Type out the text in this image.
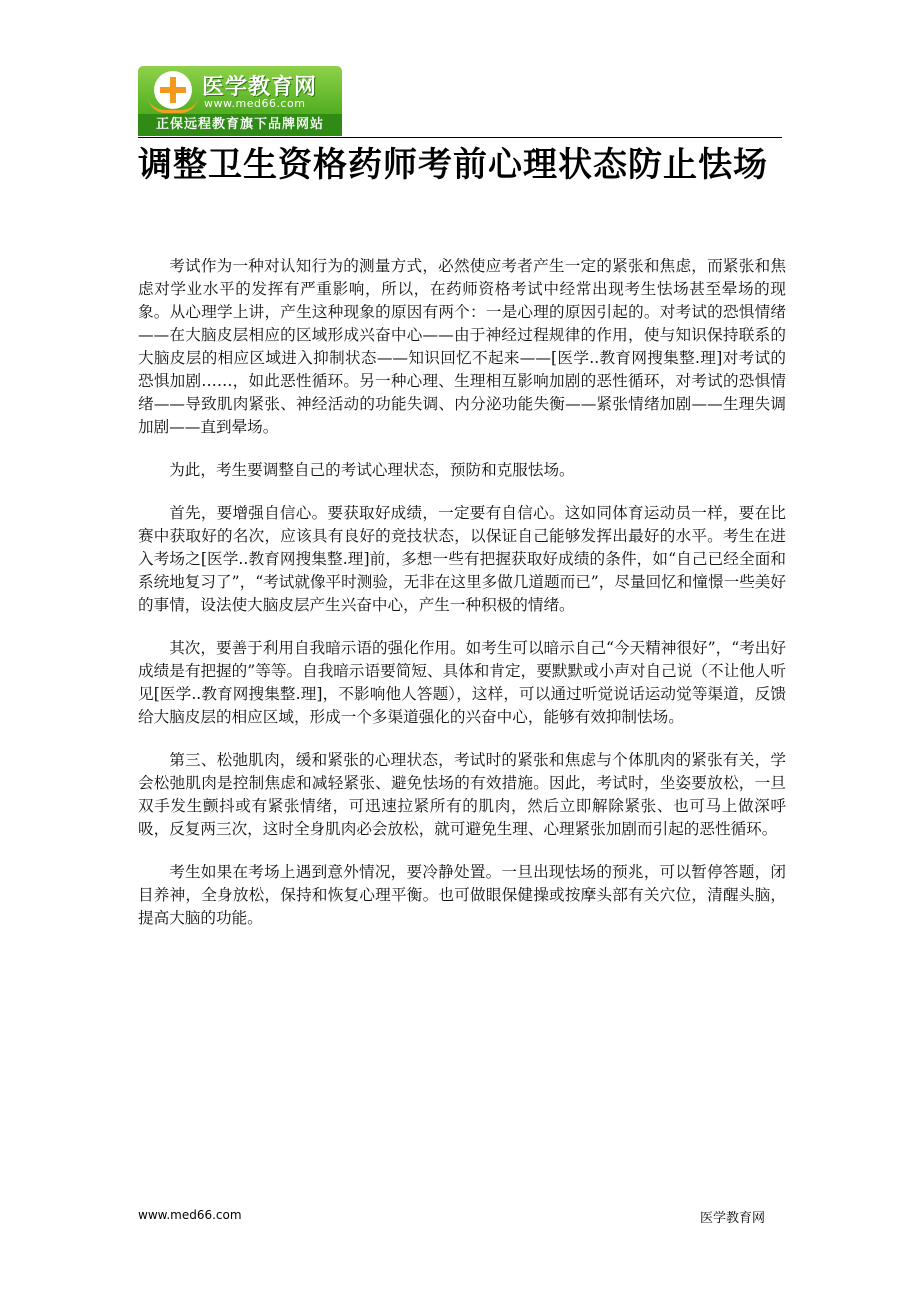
医学教育网
www.med66.com
正保远程教育旗下品牌网站
调整卫生资格药师考前心理状态防止怯场

考试作为一种对认知行为的测量方式，必然使应考者产生一定的紧张和焦虑，而紧张和焦虑对学业水平的发挥有严重影响，所以，在药师资格考试中经常出现考生怯场甚至晕场的现象。从心理学上讲，产生这种现象的原因有两个：一是心理的原因引起的。对考试的恐惧情绪——在大脑皮层相应的区域形成兴奋中心——由于神经过程规律的作用，使与知识保持联系的大脑皮层的相应区域进入抑制状态——知识回忆不起来——[医学..教育网搜集整.理]对考试的恐惧加剧……，如此恶性循环。另一种心理、生理相互影响加剧的恶性循环，对考试的恐惧情绪——导致肌肉紧张、神经活动的功能失调、内分泌功能失衡——紧张情绪加剧——生理失调加剧——直到晕场。

为此，考生要调整自己的考试心理状态，预防和克服怯场。

首先，要增强自信心。要获取好成绩，一定要有自信心。这如同体育运动员一样，要在比赛中获取好的名次，应该具有良好的竞技状态，以保证自己能够发挥出最好的水平。考生在进入考场之[医学..教育网搜集整.理]前，多想一些有把握获取好成绩的条件，如“自己已经全面和系统地复习了”，“考试就像平时测验，无非在这里多做几道题而已”，尽量回忆和憧憬一些美好的事情，设法使大脑皮层产生兴奋中心，产生一种积极的情绪。

其次，要善于利用自我暗示语的强化作用。如考生可以暗示自己“今天精神很好”，“考出好成绩是有把握的”等等。自我暗示语要简短、具体和肯定，要默默或小声对自己说（不让他人听见[医学..教育网搜集整.理]，不影响他人答题），这样，可以通过听觉说话运动觉等渠道，反馈给大脑皮层的相应区域，形成一个多渠道强化的兴奋中心，能够有效抑制怯场。

第三、松弛肌肉，缓和紧张的心理状态，考试时的紧张和焦虑与个体肌肉的紧张有关，学会松弛肌肉是控制焦虑和减轻紧张、避免怯场的有效措施。因此，考试时，坐姿要放松，一旦双手发生颤抖或有紧张情绪，可迅速拉紧所有的肌肉，然后立即解除紧张、也可马上做深呼吸，反复两三次，这时全身肌肉必会放松，就可避免生理、心理紧张加剧而引起的恶性循环。

考生如果在考场上遇到意外情况，要冷静处置。一旦出现怯场的预兆，可以暂停答题，闭目养神，全身放松，保持和恢复心理平衡。也可做眼保健操或按摩头部有关穴位，清醒头脑，提高大脑的功能。

www.med66.com	医学教育网
